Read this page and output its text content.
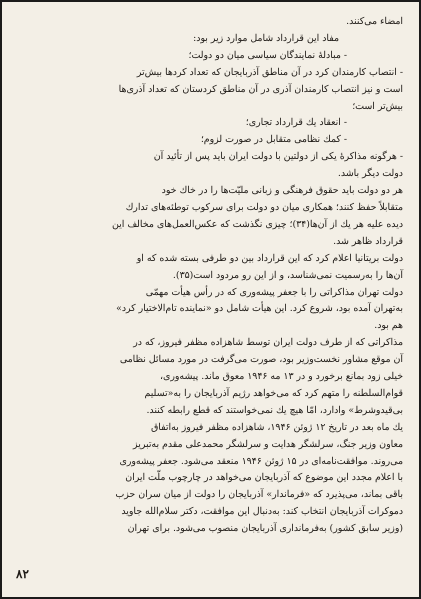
امضاء می‌کنند.

مفاد این قرارداد شامل موارد زیر بود:

- مبادلهٔ نمایندگان سیاسی میان دو دولت؛

- انتصاب کارمندان کرد در آن مناطق آذربایجان که تعداد کردها بیش‌تر

است و نیز انتصاب کارمندان آذری در آن مناطق کردستان که تعداد آذری‌ها

بیش‌تر است؛

- انعقاد یك قرارداد تجاری؛

- کمك نظامی متقابل در صورت لزوم؛

- هرگونه مذاکرهٔ یکی از دولتین با دولت ایران باید پس از تأئید آن

دولت دیگر باشد.

هر دو دولت باید حقوق فرهنگی و زبانی ملیّت‌ها را در خاك خود

متقابلاً حفظ کنند؛ همکاری میان دو دولت برای سرکوب توطئه‌های تدارك

دیده علیه هر یك از آن‌ها(۳۴)؛ چیزی نگذشت که عکس‌العمل‌های مخالف این

قرارداد ظاهر شد.

دولت بریتانیا اعلام کرد که این قرارداد بین دو طرفی بسته شده که او

آن‌ها را به‌رسمیت نمی‌شناسد، و از این رو مردود است(۳۵).

دولت تهران مذاکراتی را با جعفر پیشه‌وری که در رأس هیأت مهمّی

به‌تهران آمده بود، شروع کرد. این هیأت شامل دو «نماینده تام‌الاختیار کرد»

هم بود.

مذاکراتی که از طرف دولت ایران توسط شاهزاده مظفر فیروز، که در

آن موقع مشاور نخست‌وزیر بود، صورت می‌گرفت در مورد مسائل نظامی

خیلی زود بمانع برخورد و در ۱۳ مه ۱۹۴۶ معوق ماند. پیشه‌وری،

قوام‌السلطنه را متهم کرد که می‌خواهد رژیم آذربایجان را به«تسلیم

بی‌قیدوشرط» وادارد، امّا هیچ یك نمی‌خواستند که قطع رابطه کنند.

یك ماه بعد در تاریخ ۱۲ ژوئن ۱۹۴۶، شاهزاده مظفر فیروز به‌اتفاق

معاون وزیر جنگ، سرلشگر هدایت و سرلشگر محمدعلی مقدم به‌تبریز

می‌روند. موافقت‌نامه‌ای در ۱۵ ژوئن ۱۹۴۶ منعقد می‌شود. جعفر پیشه‌وری

با اعلام مجدد این موضوع که آذربایجان می‌خواهد در چارچوب ملّت ایران

باقی بماند، می‌پذیرد که «فرماندار» آذربایجان را دولت از میان سران حزب

دموکرات آذربایجان انتخاب کند: به‌دنبال این موافقت، دکتر سلام‌الله جاوید

(وزیر سابق کشور) به‌فرمانداری آذربایجان منصوب می‌شود. برای تهران

۸۲
